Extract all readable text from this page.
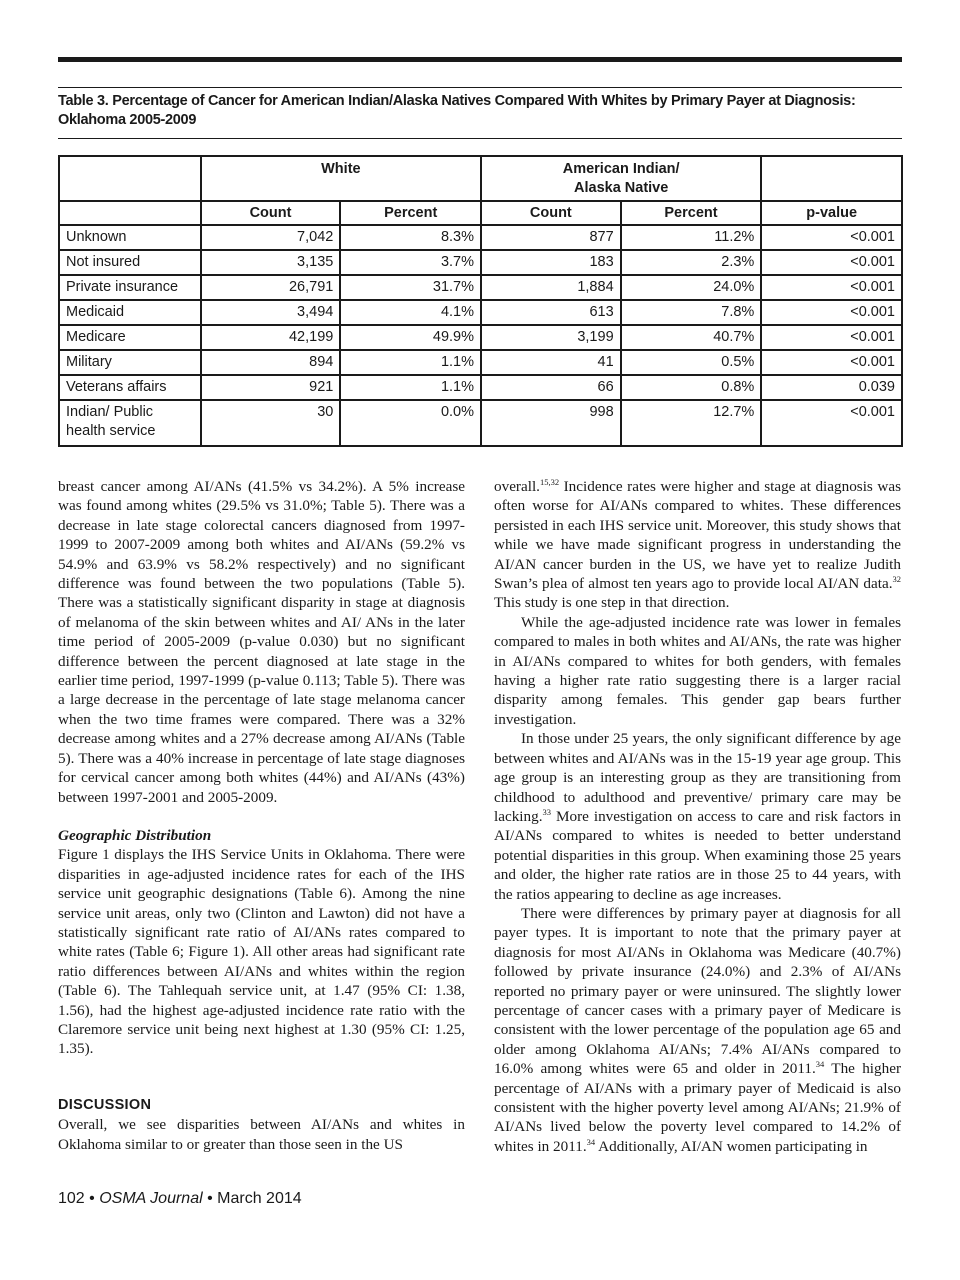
Table 3. Percentage of Cancer for American Indian/Alaska Natives Compared With Whites by Primary Payer at Diagnosis: Oklahoma 2005-2009
	White		American Indian/
Alaska Native		
	Count	Percent	Count	Percent	p-value
Unknown	7,042	8.3%	877	11.2%	<0.001
Not insured	3,135	3.7%	183	2.3%	<0.001
Private insurance	26,791	31.7%	1,884	24.0%	<0.001
Medicaid	3,494	4.1%	613	7.8%	<0.001
Medicare	42,199	49.9%	3,199	40.7%	<0.001
Military	894	1.1%	41	0.5%	<0.001
Veterans affairs	921	1.1%	66	0.8%	0.039
Indian/ Public
health service	30	0.0%	998	12.7%	<0.001

breast cancer among AI/ANs (41.5% vs 34.2%). A 5% increase was found among whites (29.5% vs 31.0%; Table 5). There was a decrease in late stage colorectal cancers diagnosed from 1997-1999 to 2007-2009 among both whites and AI/ANs (59.2% vs 54.9% and 63.9% vs 58.2% respectively) and no significant difference was found between the two populations (Table 5). There was a statistically significant disparity in stage at diagnosis of melanoma of the skin between whites and AI/ ANs in the later time period of 2005-2009 (p-value 0.030) but no significant difference between the percent diagnosed at late stage in the earlier time period, 1997-1999 (p-value 0.113; Table 5). There was a large decrease in the percentage of late stage melanoma cancer when the two time frames were compared. There was a 32% decrease among whites and a 27% decrease among AI/ANs (Table 5). There was a 40% increase in percentage of late stage diagnoses for cervical cancer among both whites (44%) and AI/ANs (43%) between 1997-2001 and 2005-2009.

Geographic Distribution

Figure 1 displays the IHS Service Units in Oklahoma. There were disparities in age-adjusted incidence rates for each of the IHS service unit geographic designations (Table 6). Among the nine service unit areas, only two (Clinton and Lawton) did not have a statistically significant rate ratio of AI/ANs rates compared to white rates (Table 6; Figure 1). All other areas had significant rate ratio differences between AI/ANs and whites within the region (Table 6). The Tahlequah service unit, at 1.47 (95% CI: 1.38, 1.56), had the highest age-adjusted incidence rate ratio with the Claremore service unit being next highest at 1.30 (95% CI: 1.25, 1.35).

DISCUSSION

Overall, we see disparities between AI/ANs and whites in Oklahoma similar to or greater than those seen in the US

overall.$^{15,32}$ Incidence rates were higher and stage at diagnosis was often worse for AI/ANs compared to whites. These differences persisted in each IHS service unit. Moreover, this study shows that while we have made significant progress in understanding the AI/AN cancer burden in the US, we have yet to realize Judith Swan’s plea of almost ten years ago to provide local AI/AN data.$^{32}$ This study is one step in that direction.

While the age-adjusted incidence rate was lower in females compared to males in both whites and AI/ANs, the rate was higher in AI/ANs compared to whites for both genders, with females having a higher rate ratio suggesting there is a larger racial disparity among females. This gender gap bears further investigation.

In those under 25 years, the only significant difference by age between whites and AI/ANs was in the 15-19 year age group. This age group is an interesting group as they are transitioning from childhood to adulthood and preventive/ primary care may be lacking.$^{33}$ More investigation on access to care and risk factors in AI/ANs compared to whites is needed to better understand potential disparities in this group. When examining those 25 years and older, the higher rate ratios are in those 25 to 44 years, with the ratios appearing to decline as age increases.

There were differences by primary payer at diagnosis for all payer types. It is important to note that the primary payer at diagnosis for most AI/ANs in Oklahoma was Medicare (40.7%) followed by private insurance (24.0%) and 2.3% of AI/ANs reported no primary payer or were uninsured. The slightly lower percentage of cancer cases with a primary payer of Medicare is consistent with the lower percentage of the population age 65 and older among Oklahoma AI/ANs; 7.4% AI/ANs compared to 16.0% among whites were 65 and older in 2011.34 The higher percentage of AI/ANs with a primary payer of Medicaid is also consistent with the higher poverty level among AI/ANs; 21.9% of AI/ANs lived below the poverty level compared to 14.2% of whites in 2011.34 Additionally, AI/AN women participating in

102 • OSMA Journal • March 2014
